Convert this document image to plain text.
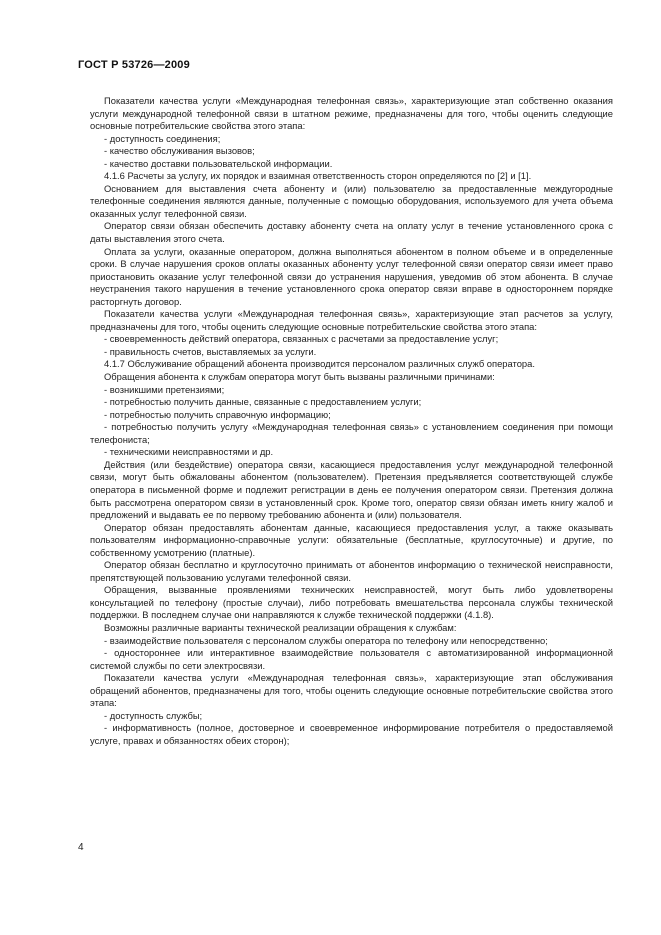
ГОСТ Р 53726—2009

Показатели качества услуги «Международная телефонная связь», характеризующие этап собственно оказания услуги международной телефонной связи в штатном режиме, предназначены для того, чтобы оценить следующие основные потребительские свойства этого этапа:

- доступность соединения;

- качество обслуживания вызовов;

- качество доставки пользовательской информации.

4.1.6 Расчеты за услугу, их порядок и взаимная ответственность сторон определяются по [2] и [1].

Основанием для выставления счета абоненту и (или) пользователю за предоставленные междугородные телефонные соединения являются данные, полученные с помощью оборудования, используемого для учета объема оказанных услуг телефонной связи.

Оператор связи обязан обеспечить доставку абоненту счета на оплату услуг в течение установленного срока с даты выставления этого счета.

Оплата за услуги, оказанные оператором, должна выполняться абонентом в полном объеме и в определенные сроки. В случае нарушения сроков оплаты оказанных абоненту услуг телефонной связи оператор связи имеет право приостановить оказание услуг телефонной связи до устранения нарушения, уведомив об этом абонента. В случае неустранения такого нарушения в течение установленного срока оператор связи вправе в одностороннем порядке расторгнуть договор.

Показатели качества услуги «Международная телефонная связь», характеризующие этап расчетов за услугу, предназначены для того, чтобы оценить следующие основные потребительские свойства этого этапа:

- своевременность действий оператора, связанных с расчетами за предоставление услуг;

- правильность счетов, выставляемых за услуги.

4.1.7 Обслуживание обращений абонента производится персоналом различных служб оператора.

Обращения абонента к службам оператора могут быть вызваны различными причинами:

- возникшими претензиями;

- потребностью получить данные, связанные с предоставлением услуги;

- потребностью получить справочную информацию;

- потребностью получить услугу «Международная телефонная связь» с установлением соединения при помощи телефониста;

- техническими неисправностями и др.

Действия (или бездействие) оператора связи, касающиеся предоставления услуг международной телефонной связи, могут быть обжалованы абонентом (пользователем). Претензия предъявляется соответствующей службе оператора в письменной форме и подлежит регистрации в день ее получения оператором связи. Претензия должна быть рассмотрена оператором связи в установленный срок. Кроме того, оператор связи обязан иметь книгу жалоб и предложений и выдавать ее по первому требованию абонента и (или) пользователя.

Оператор обязан предоставлять абонентам данные, касающиеся предоставления услуг, а также оказывать пользователям информационно-справочные услуги: обязательные (бесплатные, круглосуточные) и другие, по собственному усмотрению (платные).

Оператор обязан бесплатно и круглосуточно принимать от абонентов информацию о технической неисправности, препятствующей пользованию услугами телефонной связи.

Обращения, вызванные проявлениями технических неисправностей, могут быть либо удовлетворены консультацией по телефону (простые случаи), либо потребовать вмешательства персонала службы технической поддержки. В последнем случае они направляются к службе технической поддержки (4.1.8).

Возможны различные варианты технической реализации обращения к службам:

- взаимодействие пользователя с персоналом службы оператора по телефону или непосредственно;

- одностороннее или интерактивное взаимодействие пользователя с автоматизированной информационной системой службы по сети электросвязи.

Показатели качества услуги «Международная телефонная связь», характеризующие этап обслуживания обращений абонентов, предназначены для того, чтобы оценить следующие основные потребительские свойства этого этапа:

- доступность службы;

- информативность (полное, достоверное и своевременное информирование потребителя о предоставляемой услуге, правах и обязанностях обеих сторон);

4
